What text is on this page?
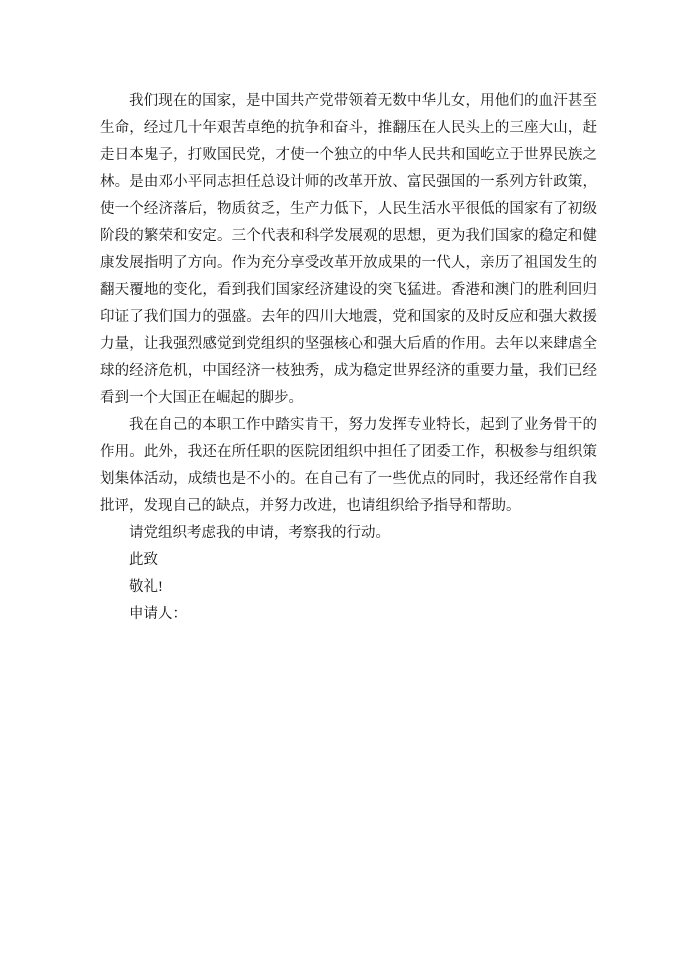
我们现在的国家，是中国共产党带领着无数中华儿女，用他们的血汗甚至生命，经过几十年艰苦卓绝的抗争和奋斗，推翻压在人民头上的三座大山，赶走日本鬼子，打败国民党，才使一个独立的中华人民共和国屹立于世界民族之林。是由邓小平同志担任总设计师的改革开放、富民强国的一系列方针政策，使一个经济落后，物质贫乏，生产力低下，人民生活水平很低的国家有了初级阶段的繁荣和安定。三个代表和科学发展观的思想，更为我们国家的稳定和健康发展指明了方向。作为充分享受改革开放成果的一代人，亲历了祖国发生的翻天覆地的变化，看到我们国家经济建设的突飞猛进。香港和澳门的胜利回归印证了我们国力的强盛。去年的四川大地震，党和国家的及时反应和强大救援力量，让我强烈感觉到党组织的坚强核心和强大后盾的作用。去年以来肆虐全球的经济危机，中国经济一枝独秀，成为稳定世界经济的重要力量，我们已经看到一个大国正在崛起的脚步。

我在自己的本职工作中踏实肯干，努力发挥专业特长，起到了业务骨干的作用。此外，我还在所任职的医院团组织中担任了团委工作，积极参与组织策划集体活动，成绩也是不小的。在自己有了一些优点的同时，我还经常作自我批评，发现自己的缺点，并努力改进，也请组织给予指导和帮助。

请党组织考虑我的申请，考察我的行动。

此致

敬礼!

申请人：
